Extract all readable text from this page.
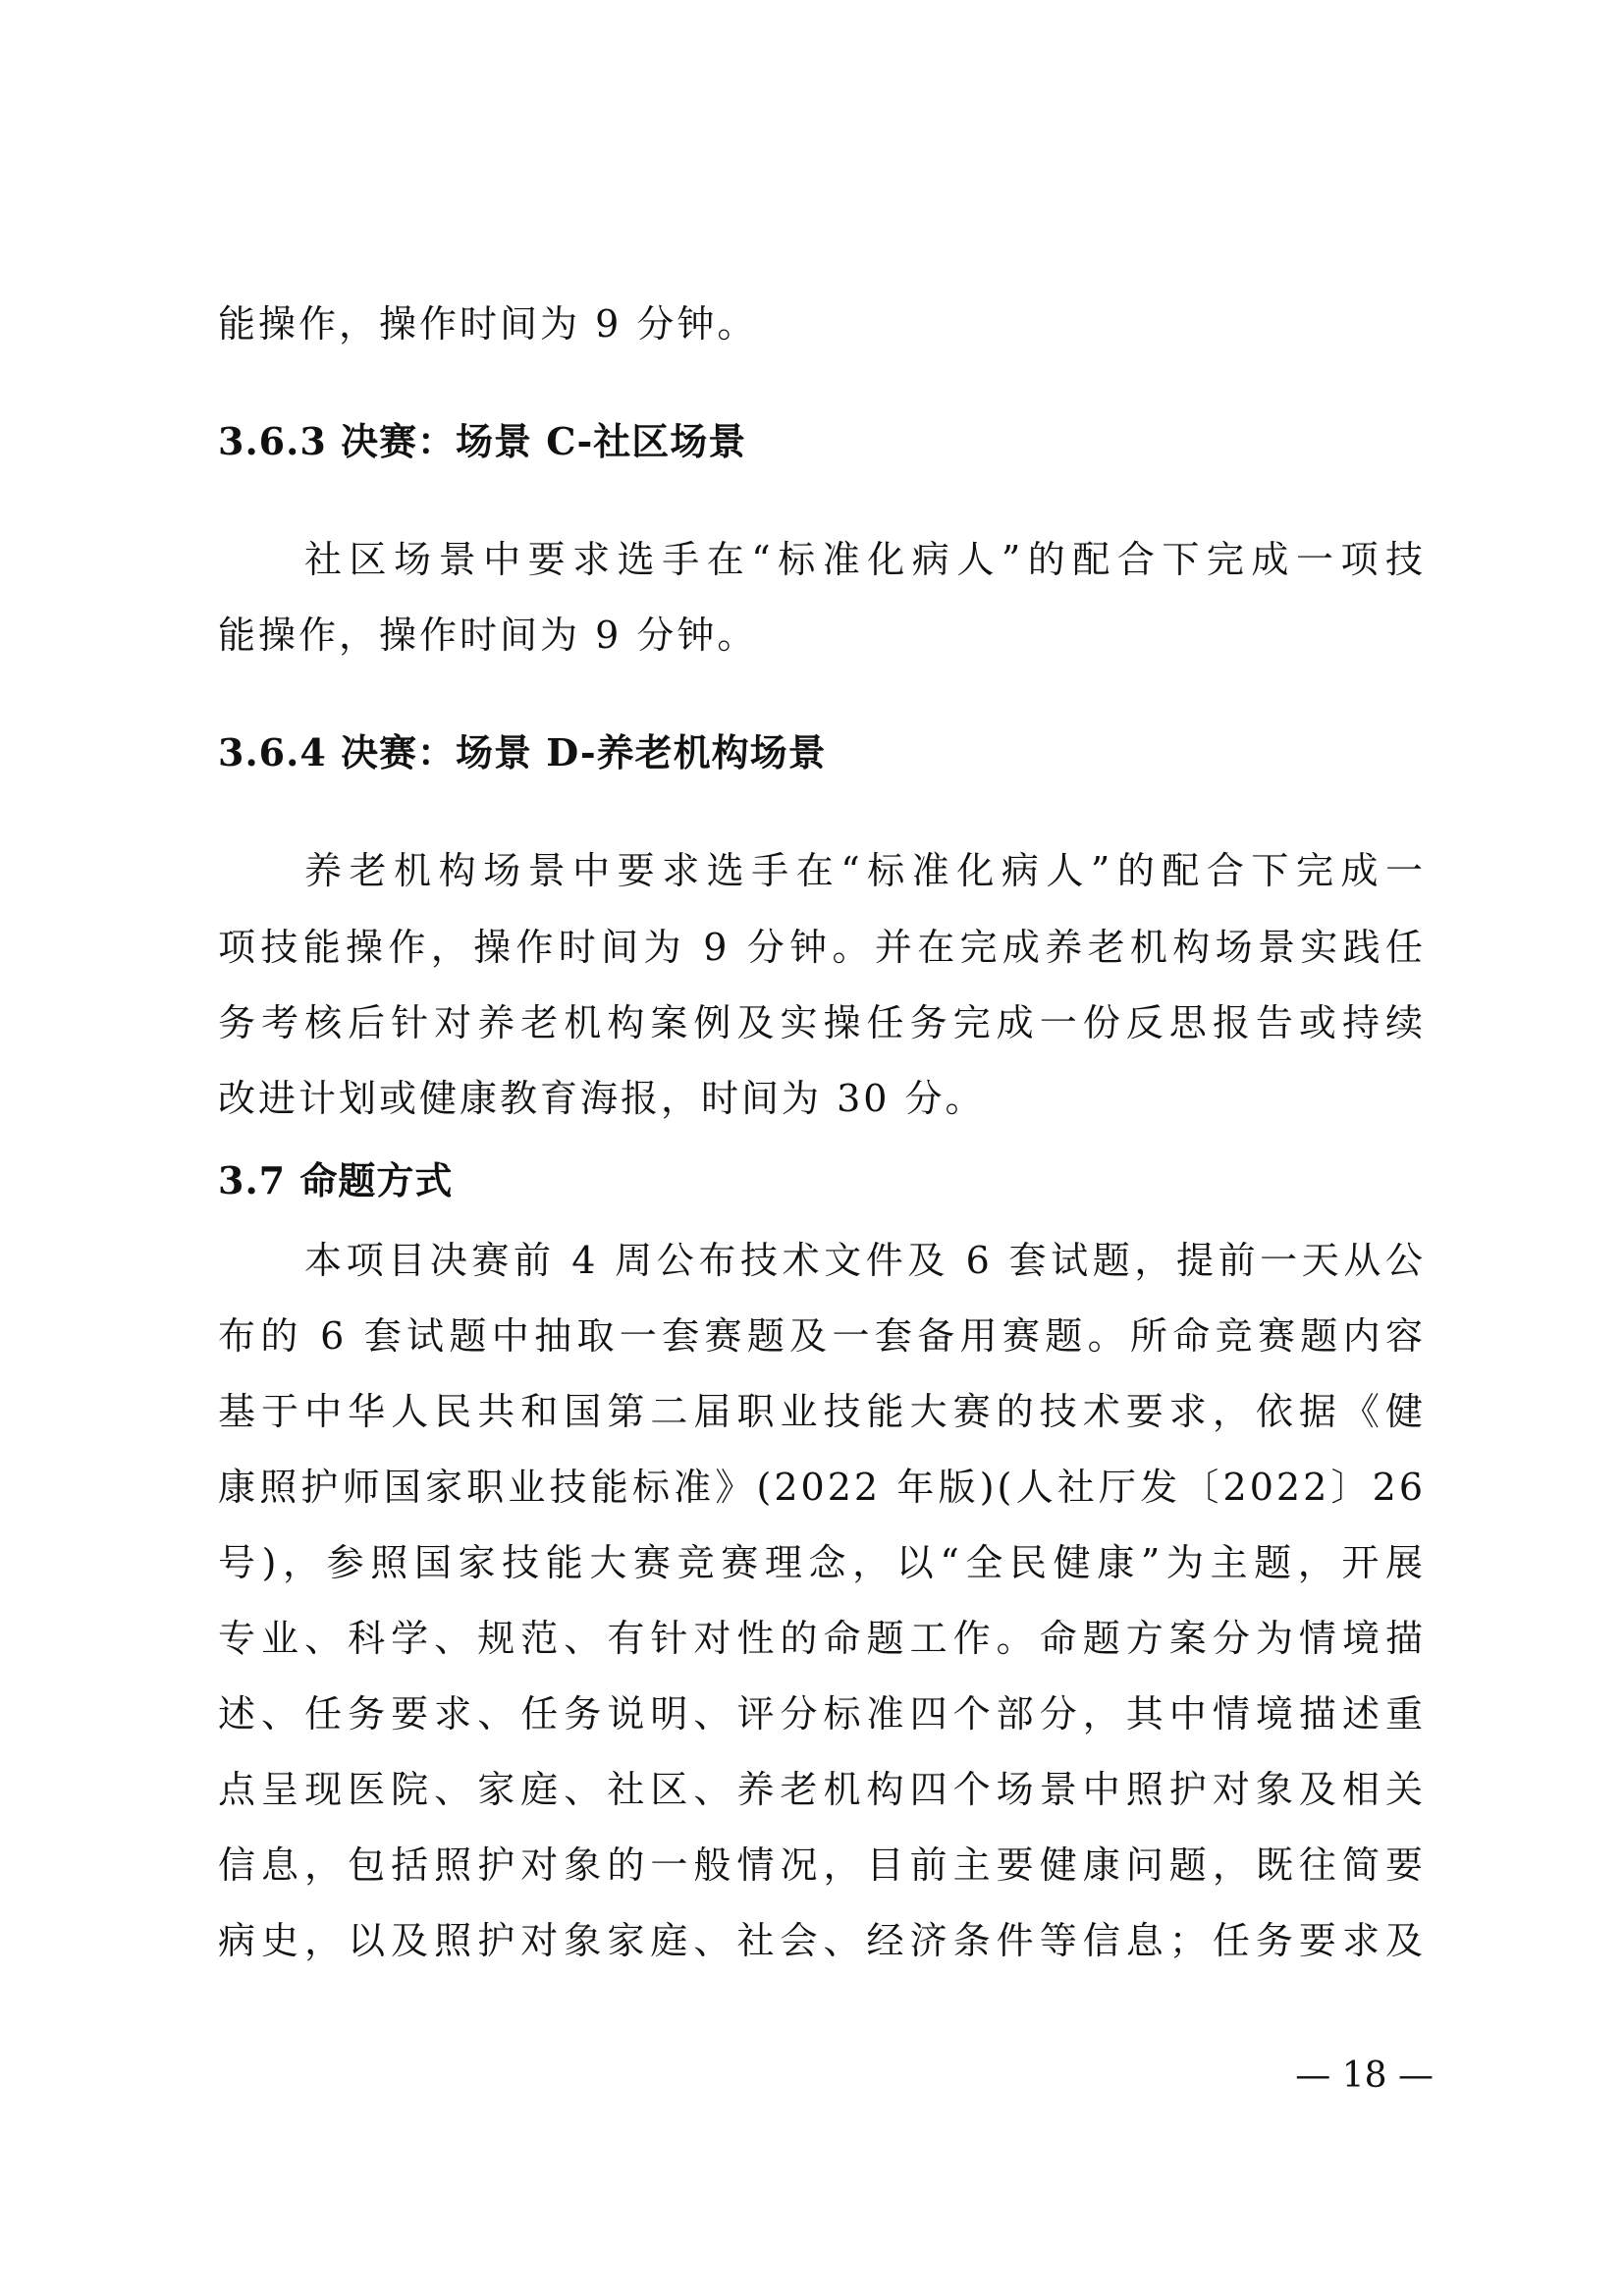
能操作，操作时间为 9 分钟。
3.6.3 决赛：场景 C-社区场景
社区场景中要求选手在“标准化病人”的配合下完成一项技
能操作，操作时间为 9 分钟。
3.6.4 决赛：场景 D-养老机构场景
养老机构场景中要求选手在“标准化病人”的配合下完成一
项技能操作，操作时间为 9 分钟。并在完成养老机构场景实践任
务考核后针对养老机构案例及实操任务完成一份反思报告或持续
改进计划或健康教育海报，时间为 30 分。
3.7 命题方式
本项目决赛前 4 周公布技术文件及 6 套试题，提前一天从公
布的 6 套试题中抽取一套赛题及一套备用赛题。所命竞赛题内容
基于中华人民共和国第二届职业技能大赛的技术要求，依据《健
康照护师国家职业技能标准》(2022 年版)(人社厅发〔2022〕26
号)，参照国家技能大赛竞赛理念，以“全民健康”为主题，开展
专业、科学、规范、有针对性的命题工作。命题方案分为情境描
述、任务要求、任务说明、评分标准四个部分，其中情境描述重
点呈现医院、家庭、社区、养老机构四个场景中照护对象及相关
信息，包括照护对象的一般情况，目前主要健康问题，既往简要
病史，以及照护对象家庭、社会、经济条件等信息；任务要求及
— 18 —
